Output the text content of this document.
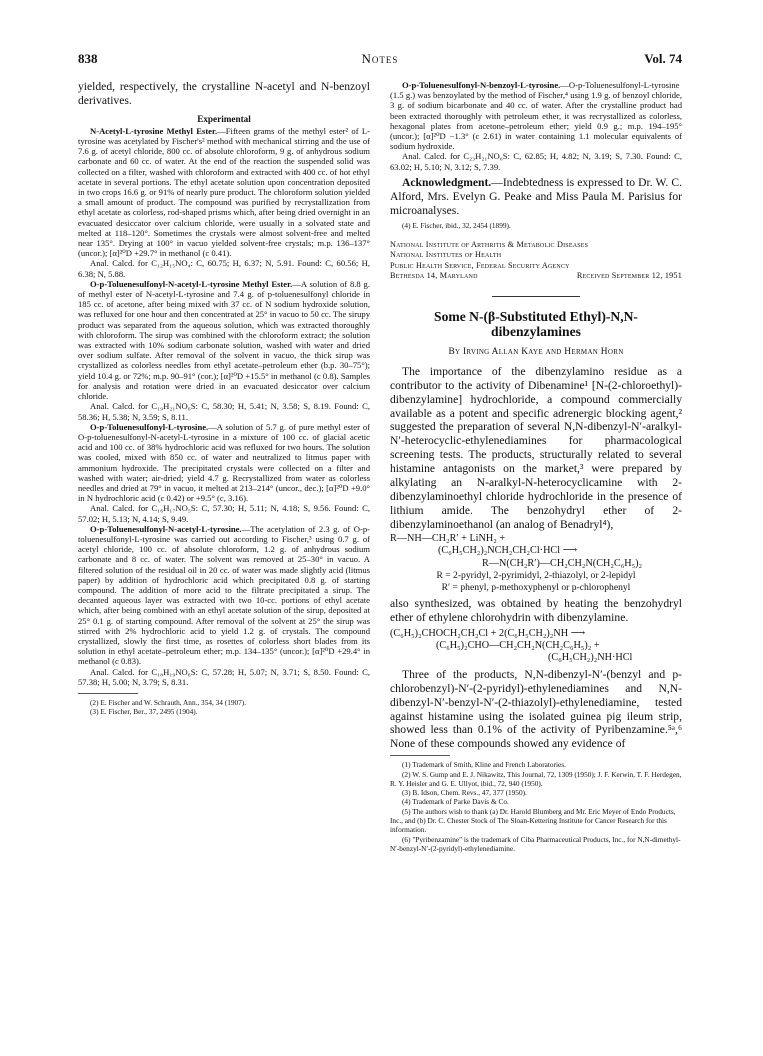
838	Notes	Vol. 74

yielded, respectively, the crystalline N-acetyl and N-benzoyl derivatives.

Experimental

N-Acetyl-L-tyrosine Methyl Ester.—Fifteen grams of the methyl ester² of L-tyrosine was acetylated by Fischer's² method with mechanical stirring and the use of 7.6 g. of acetyl chloride, 800 cc. of absolute chloroform, 9 g. of anhydrous sodium carbonate and 60 cc. of water. At the end of the reaction the suspended solid was collected on a filter, washed with chloroform and extracted with 400 cc. of hot ethyl acetate in several portions. The ethyl acetate solution upon concentration deposited in two crops 16.6 g. or 91% of nearly pure product. The chloroform solution yielded a small amount of product. The compound was purified by recrystallization from ethyl acetate as colorless, rod-shaped prisms which, after being dried overnight in an evacuated desiccator over calcium chloride, were usually in a solvated state and melted at 118–120°. Sometimes the crystals were almost solvent-free and melted near 135°. Drying at 100° in vacuo yielded solvent-free crystals; m.p. 136–137° (uncor.); [α]²⁰D +29.7° in methanol (c 0.41).

Anal. Calcd. for C₁₂H₁₅NO₄: C, 60.75; H, 6.37; N, 5.91. Found: C, 60.56; H, 6.38; N, 5.88.

O-p-Toluenesulfonyl-N-acetyl-L-tyrosine Methyl Ester.—A solution of 8.8 g. of methyl ester of N-acetyl-L-tyrosine and 7.4 g. of p-toluenesulfonyl chloride in 185 cc. of acetone, after being mixed with 37 cc. of N sodium hydroxide solution, was refluxed for one hour and then concentrated at 25° in vacuo to 50 cc. The sirupy product was separated from the aqueous solution, which was extracted thoroughly with chloroform. The sirup was combined with the chloroform extract; the solution was extracted with 10% sodium carbonate solution, washed with water and dried over sodium sulfate. After removal of the solvent in vacuo, the thick sirup was crystallized as colorless needles from ethyl acetate–petroleum ether (b.p. 30–75°); yield 10.4 g. or 72%; m.p. 90–91° (cor.); [α]²⁰D +15.5° in methanol (c 0.8). Samples for analysis and rotation were dried in an evacuated desiccator over calcium chloride.

Anal. Calcd. for C₁₉H₂₁NO₆S: C, 58.30; H, 5.41; N, 3.58; S, 8.19. Found: C, 58.36; H, 5.38; N, 3.59; S, 8.11.

O-p-Toluenesulfonyl-L-tyrosine.—A solution of 5.7 g. of pure methyl ester of O-p-toluenesulfonyl-N-acetyl-L-tyrosine in a mixture of 100 cc. of glacial acetic acid and 100 cc. of 38% hydrochloric acid was refluxed for two hours. The solution was cooled, mixed with 850 cc. of water and neutralized to litmus paper with ammonium hydroxide. The precipitated crystals were collected on a filter and washed with water; air-dried; yield 4.7 g. Recrystallized from water as colorless needles and dried at 79° in vacuo, it melted at 213–214° (uncor., dec.); [α]²⁰D +9.0° in N hydrochloric acid (c 0.42) or +9.5° (c, 3.16).

Anal. Calcd. for C₁₆H₁₇NO₅S: C, 57.30; H, 5.11; N, 4.18; S, 9.56. Found: C, 57.02; H, 5.13; N, 4.14; S, 9.49.

O-p-Toluenesulfonyl-N-acetyl-L-tyrosine.—The acetylation of 2.3 g. of O-p-toluenesulfonyl-L-tyrosine was carried out according to Fischer,³ using 0.7 g. of acetyl chloride, 100 cc. of absolute chloroform, 1.2 g. of anhydrous sodium carbonate and 8 cc. of water. The solvent was removed at 25–30° in vacuo. A filtered solution of the residual oil in 20 cc. of water was made slightly acid (litmus paper) by addition of hydrochloric acid which precipitated 0.8 g. of starting compound. The addition of more acid to the filtrate precipitated a sirup. The decanted aqueous layer was extracted with two 10-cc. portions of ethyl acetate which, after being combined with an ethyl acetate solution of the sirup, deposited at 25° 0.1 g. of starting compound. After removal of the solvent at 25° the sirup was stirred with 2% hydrochloric acid to yield 1.2 g. of crystals. The compound crystallized, slowly the first time, as rosettes of colorless short blades from its solution in ethyl acetate–petroleum ether; m.p. 134–135° (uncor.); [α]²⁰D +29.4° in methanol (c 0.83).

Anal. Calcd. for C₁₈H₁₉NO₆S: C, 57.28; H, 5.07; N, 3.71; S, 8.50. Found: C, 57.38; H, 5.00; N, 3.79; S, 8.31.

(2) E. Fischer and W. Schrauth, Ann., 354, 34 (1907).

(3) E. Fischer, Ber., 37, 2495 (1904).

O-p-Toluenesulfonyl-N-benzoyl-L-tyrosine.—O-p-Toluenesulfonyl-L-tyrosine (1.5 g.) was benzoylated by the method of Fischer,⁴ using 1.9 g. of benzoyl chloride, 3 g. of sodium bicarbonate and 40 cc. of water. After the crystalline product had been extracted thoroughly with petroleum ether, it was recrystallized as colorless, hexagonal plates from acetone–petroleum ether; yield 0.9 g.; m.p. 194–195° (uncor.); [α]²⁰D −1.3° (c 2.61) in water containing 1.1 molecular equivalents of sodium hydroxide.

Anal. Calcd. for C₂₃H₂₁NO₆S: C, 62.85; H, 4.82; N, 3.19; S, 7.30. Found: C, 63.02; H, 5.10; N, 3.12; S, 7.39.

Acknowledgment.—Indebtedness is expressed to Dr. W. C. Alford, Mrs. Evelyn G. Peake and Miss Paula M. Parisius for microanalyses.

(4) E. Fischer, ibid., 32, 2454 (1899).

National Institute of Arthritis & Metabolic Diseases
National Institutes of Health
Public Health Service, Federal Security Agency
Bethesda 14, Maryland	Received September 12, 1951

Some N-(β-Substituted Ethyl)-N,N-dibenzylamines

By Irving Allan Kaye and Herman Horn

The importance of the dibenzylamino residue as a contributor to the activity of Dibenamine¹ [N-(2-chloroethyl)-dibenzylamine] hydrochloride, a compound commercially available as a potent and specific adrenergic blocking agent,² suggested the preparation of several N,N-dibenzyl-N′-aralkyl-N′-heterocyclic-ethylenediamines for pharmacological screening tests. The products, structurally related to several histamine antagonists on the market,³ were prepared by alkylating an N-aralkyl-N-heterocyclicamine with 2-dibenzylaminoethyl chloride hydrochloride in the presence of lithium amide. The benzohydryl ether of 2-dibenzylaminoethanol (an analog of Benadryl⁴),

R—NH—CH₂R′ + LiNH₂ +
(C₆H₅CH₂)₂NCH₂CH₂Cl·HCl ⟶
R—N(CH₂R′)—CH₂CH₂N(CH₂C₆H₅)₂
R = 2-pyridyl, 2-pyrimidyl, 2-thiazolyl, or 2-lepidyl
R′ = phenyl, p-methoxyphenyl or p-chlorophenyl

also synthesized, was obtained by heating the benzohydryl ether of ethylene chlorohydrin with dibenzylamine.

(C₆H₅)₂CHOCH₂CH₂Cl + 2(C₆H₅CH₂)₂NH ⟶
(C₆H₅)₂CHO—CH₂CH₂N(CH₂C₆H₅)₂ +
(C₆H₅CH₂)₂NH·HCl

Three of the products, N,N-dibenzyl-N′-(benzyl and p-chlorobenzyl)-N′-(2-pyridyl)-ethylenediamines and N,N-dibenzyl-N′-benzyl-N′-(2-thiazolyl)-ethylenediamine, tested against histamine using the isolated guinea pig ileum strip, showed less than 0.1% of the activity of Pyribenzamine.⁵ᵃ,⁶ None of these compounds showed any evidence of

(1) Trademark of Smith, Kline and French Laboratories.

(2) W. S. Gump and E. J. Nikawitz, This Journal, 72, 1309 (1950); J. F. Kerwin, T. F. Herdegen, R. Y. Heisler and G. E. Ullyot, ibid., 72, 940 (1950).

(3) B. Idson, Chem. Revs., 47, 377 (1950).

(4) Trademark of Parke Davis & Co.

(5) The authors wish to thank (a) Dr. Harold Blumberg and Mr. Eric Meyer of Endo Products, Inc., and (b) Dr. C. Chester Stock of The Sloan-Kettering Institute for Cancer Research for this information.

(6) "Pyribenzamine" is the trademark of Ciba Pharmaceutical Products, Inc., for N,N-dimethyl-N′-benzyl-N′-(2-pyridyl)-ethylenediamine.
